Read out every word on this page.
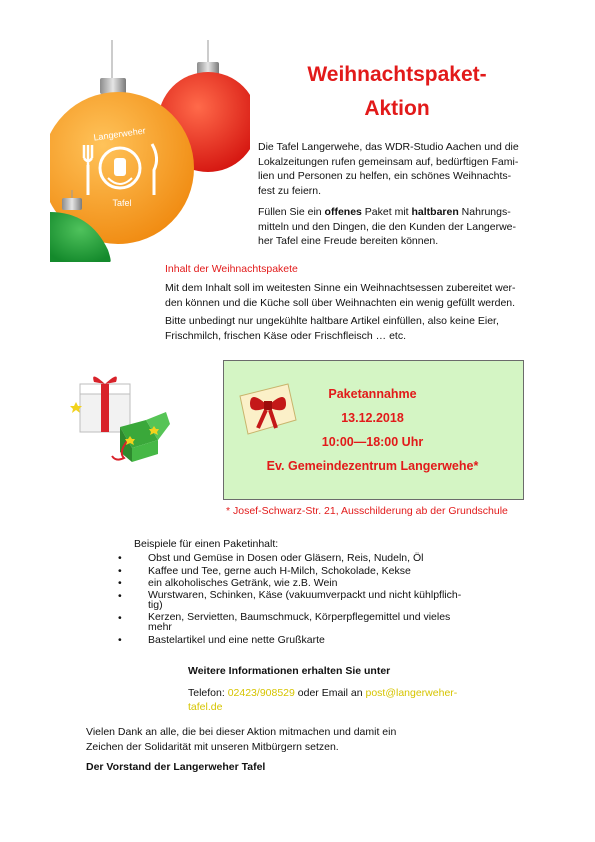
Langerweher
Tafel
Weihnachtspaket-
Aktion
Die Tafel Langerwehe, das WDR-Studio Aachen und die
Lokalzeitungen rufen gemeinsam auf, bedürftigen Fami-
lien und Personen zu helfen, ein schönes Weihnachts-
fest zu feiern.
Füllen Sie ein offenes Paket mit haltbaren Nahrungs-
mitteln und den Dingen, die den Kunden der Langerwe-
her Tafel eine Freude bereiten können.
Inhalt der Weihnachtspakete
Mit dem Inhalt soll im weitesten Sinne ein Weihnachtsessen zubereitet wer-
den können und die Küche soll über Weihnachten ein wenig gefüllt werden.
Bitte unbedingt nur ungekühlte haltbare Artikel einfüllen, also keine Eier,
Frischmilch, frischen Käse oder Frischfleisch … etc.
Paketannahme
13.12.2018
10:00—18:00 Uhr
Ev. Gemeindezentrum Langerwehe*
* Josef-Schwarz-Str. 21, Ausschilderung ab der Grundschule
Beispiele für einen Paketinhalt:
•	Obst und Gemüse in Dosen oder Gläsern, Reis, Nudeln, Öl
•	Kaffee und Tee, gerne auch H-Milch, Schokolade, Kekse
•	ein alkoholisches Getränk, wie z.B. Wein
•	Wurstwaren, Schinken, Käse (vakuumverpackt und nicht kühlpflich-
tig)
•	Kerzen, Servietten, Baumschmuck, Körperpflegemittel und vieles
mehr
•	Bastelartikel und eine nette Grußkarte
Weitere Informationen erhalten Sie unter
Telefon: 02423/908529 oder Email an post@langerweher-
tafel.de
Vielen Dank an alle, die bei dieser Aktion mitmachen und damit ein
Zeichen der Solidarität mit unseren Mitbürgern setzen.
Der Vorstand der Langerweher Tafel
